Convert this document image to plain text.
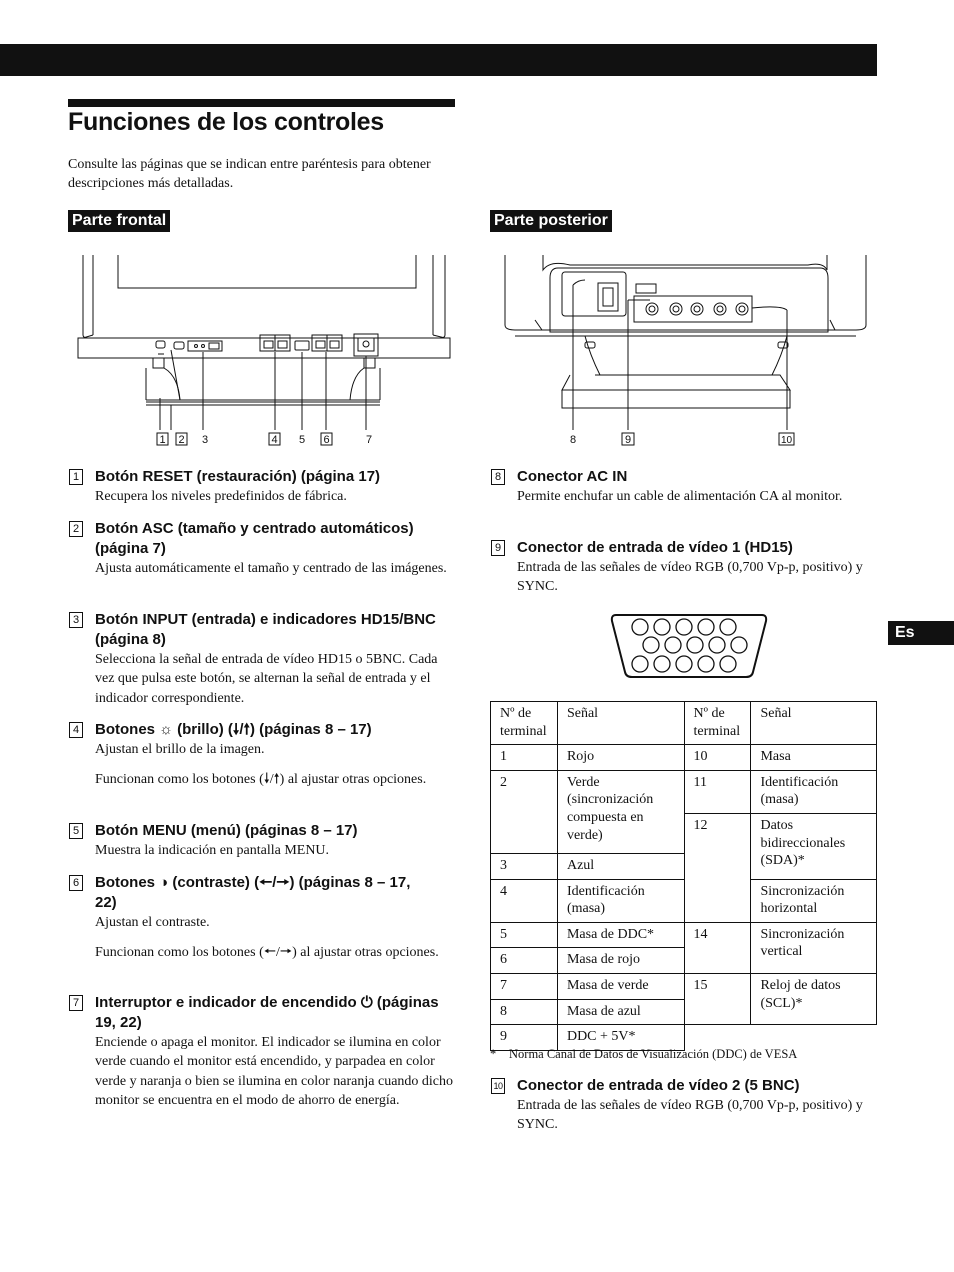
Funciones de los controles
Consulte las páginas que se indican entre paréntesis para obtener descripciones más detalladas.
Parte frontal	Parte posterior
1 2 3	4 5 6	7	8	9	10
1 Botón RESET (restauración) (página 17)

Recupera los niveles predefinidos de fábrica.

2 Botón ASC (tamaño y centrado automáticos) (página 7)

Ajusta automáticamente el tamaño y centrado de las imágenes.

3 Botón INPUT (entrada) e indicadores HD15/BNC (página 8)

Selecciona la señal de entrada de vídeo HD15 o 5BNC. Cada vez que pulsa este botón, se alternan la señal de entrada y el indicador correspondiente.

4 Botones ☼ (brillo) (🠗/🠕) (páginas 8 – 17)

Ajustan el brillo de la imagen.

Funcionan como los botones (🠗/🠕) al ajustar otras opciones.

5 Botón MENU (menú) (páginas 8 – 17)

Muestra la indicación en pantalla MENU.

6 Botones ◑ (contraste) (🠔/🠖) (páginas 8 – 17, 22)

Ajustan el contraste.

Funcionan como los botones (🠔/🠖) al ajustar otras opciones.

7 Interruptor e indicador de encendido ⏻ (páginas 19, 22)

Enciende o apaga el monitor. El indicador se ilumina en color verde cuando el monitor está encendido, y parpadea en color verde y naranja o bien se ilumina en color naranja cuando dicho monitor se encuentra en el modo de ahorro de energía.

8 Conector AC IN

Permite enchufar un cable de alimentación CA al monitor.

9 Conector de entrada de vídeo 1 (HD15)

Entrada de las señales de vídeo RGB (0,700 Vp-p, positivo) y SYNC.

Es
Nº de terminal	Señal	Nº de terminal	Señal
1	Rojo	10	Masa
2	Verde (sincronización compuesta en verde)	11	Identificación (masa)
		12	Datos bidireccionales (SDA)*
3	Azul		
4	Identificación (masa)		Sincronización horizontal
5	Masa de DDC*	14	Sincronización vertical
6	Masa de rojo		
7	Masa de verde	15	Reloj de datos (SCL)*
8	Masa de azul		
9	DDC + 5V*		
* Norma Canal de Datos de Visualización (DDC) de VESA
10 Conector de entrada de vídeo 2 (5 BNC)

Entrada de las señales de vídeo RGB (0,700 Vp-p, positivo) y SYNC.
